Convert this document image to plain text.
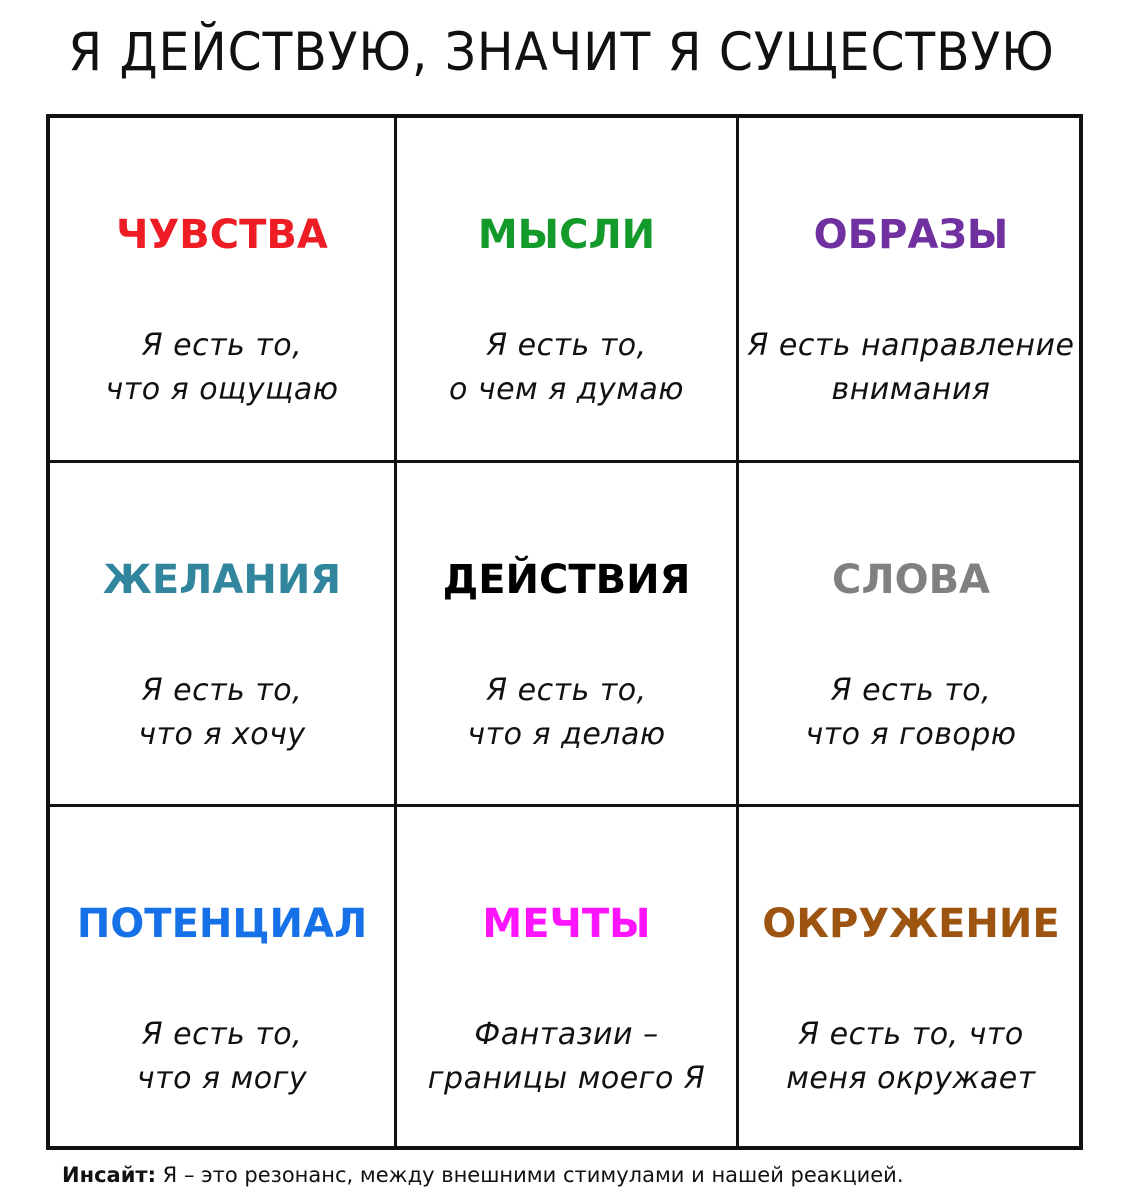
Я ДЕЙСТВУЮ, ЗНАЧИТ Я СУЩЕСТВУЮ
ЧУВСТВА
Я есть то,
что я ощущаю
МЫСЛИ
Я есть то,
о чем я думаю
ОБРАЗЫ
Я есть направление
внимания
ЖЕЛАНИЯ
Я есть то,
что я хочу
ДЕЙСТВИЯ
Я есть то,
что я делаю
СЛОВА
Я есть то,
что я говорю
ПОТЕНЦИАЛ
Я есть то,
что я могу
МЕЧТЫ
Фантазии –
границы моего Я
ОКРУЖЕНИЕ
Я есть то, что
меня окружает
Инсайт: Я – это резонанс, между внешними стимулами и нашей реакцией.
